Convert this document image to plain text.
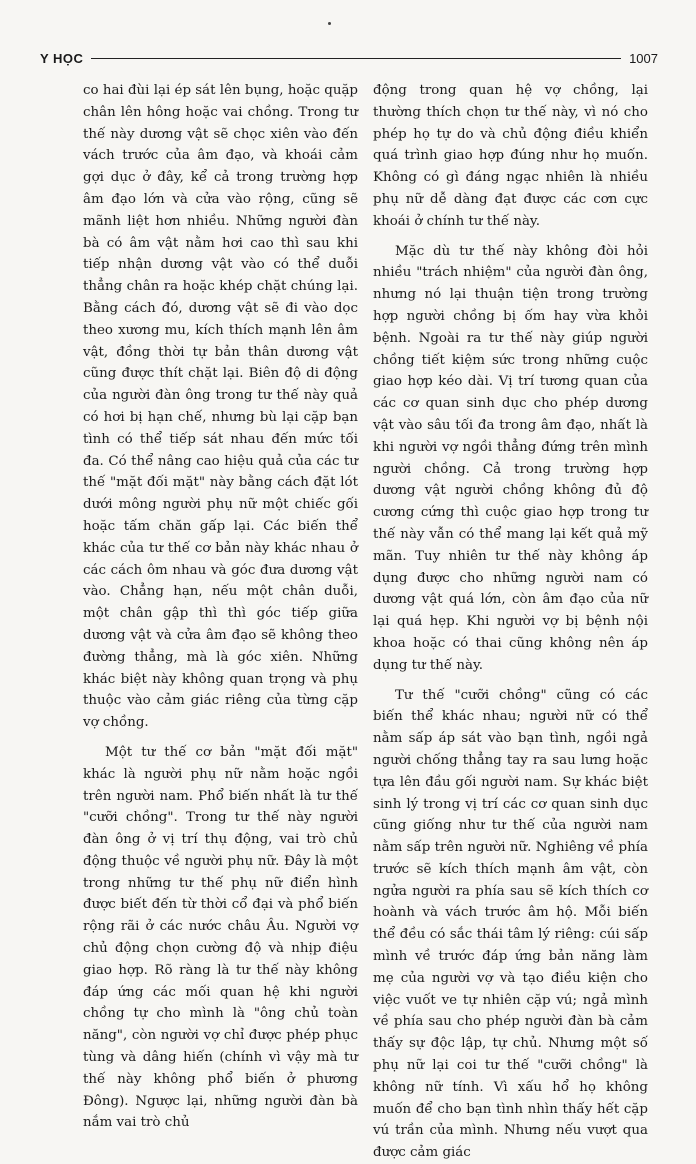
Y HỌC	1007

co hai đùi lại ép sát lên bụng, hoặc quặp chân lên hông hoặc vai chồng. Trong tư thế này dương vật sẽ chọc xiên vào đến vách trước của âm đạo, và khoái cảm gợi dục ở đây, kể cả trong trường hợp âm đạo lớn và cửa vào rộng, cũng sẽ mãnh liệt hơn nhiều. Những người đàn bà có âm vật nằm hơi cao thì sau khi tiếp nhận dương vật vào có thể duỗi thẳng chân ra hoặc khép chặt chúng lại. Bằng cách đó, dương vật sẽ đi vào dọc theo xương mu, kích thích mạnh lên âm vật, đồng thời tự bản thân dương vật cũng được thít chặt lại. Biên độ di động của người đàn ông trong tư thế này quả có hơi bị hạn chế, nhưng bù lại cặp bạn tình có thể tiếp sát nhau đến mức tối đa. Có thể nâng cao hiệu quả của các tư thế "mặt đối mặt" này bằng cách đặt lót dưới mông người phụ nữ một chiếc gối hoặc tấm chăn gấp lại. Các biến thể khác của tư thế cơ bản này khác nhau ở các cách ôm nhau và góc đưa dương vật vào. Chẳng hạn, nếu một chân duỗi, một chân gập thì thì góc tiếp giữa dương vật và cửa âm đạo sẽ không theo đường thẳng, mà là góc xiên. Những khác biệt này không quan trọng và phụ thuộc vào cảm giác riêng của từng cặp vợ chồng.

Một tư thế cơ bản "mặt đối mặt" khác là người phụ nữ nằm hoặc ngồi trên người nam. Phổ biến nhất là tư thế "cưỡi chồng". Trong tư thế này người đàn ông ở vị trí thụ động, vai trò chủ động thuộc về người phụ nữ. Đây là một trong những tư thế phụ nữ điển hình được biết đến từ thời cổ đại và phổ biến rộng rãi ở các nước châu Âu. Người vợ chủ động chọn cường độ và nhịp điệu giao hợp. Rõ ràng là tư thế này không đáp ứng các mối quan hệ khi người chồng tự cho mình là "ông chủ toàn năng", còn người vợ chỉ được phép phục tùng và dâng hiến (chính vì vậy mà tư thế này không phổ biến ở phương Đông). Ngược lại, những người đàn bà nắm vai trò chủ

động trong quan hệ vợ chồng, lại thường thích chọn tư thế này, vì nó cho phép họ tự do và chủ động điều khiển quá trình giao hợp đúng như họ muốn. Không có gì đáng ngạc nhiên là nhiều phụ nữ dễ dàng đạt được các cơn cực khoái ở chính tư thế này.

Mặc dù tư thế này không đòi hỏi nhiều "trách nhiệm" của người đàn ông, nhưng nó lại thuận tiện trong trường hợp người chồng bị ốm hay vừa khỏi bệnh. Ngoài ra tư thế này giúp người chồng tiết kiệm sức trong những cuộc giao hợp kéo dài. Vị trí tương quan của các cơ quan sinh dục cho phép dương vật vào sâu tối đa trong âm đạo, nhất là khi người vợ ngồi thẳng đứng trên mình người chồng. Cả trong trường hợp dương vật người chồng không đủ độ cương cứng thì cuộc giao hợp trong tư thế này vẫn có thể mang lại kết quả mỹ mãn. Tuy nhiên tư thế này không áp dụng được cho những người nam có dương vật quá lớn, còn âm đạo của nữ lại quá hẹp. Khi người vợ bị bệnh nội khoa hoặc có thai cũng không nên áp dụng tư thế này.

Tư thế "cưỡi chồng" cũng có các biến thể khác nhau; người nữ có thể nằm sấp áp sát vào bạn tình, ngồi ngả người chống thẳng tay ra sau lưng hoặc tựa lên đầu gối người nam. Sự khác biệt sinh lý trong vị trí các cơ quan sinh dục cũng giống như tư thế của người nam nằm sấp trên người nữ. Nghiêng về phía trước sẽ kích thích mạnh âm vật, còn ngửa người ra phía sau sẽ kích thích cơ hoành và vách trước âm hộ. Mỗi biến thể đều có sắc thái tâm lý riêng: cúi sấp mình về trước đáp ứng bản năng làm mẹ của người vợ và tạo điều kiện cho việc vuốt ve tự nhiên cặp vú; ngả mình về phía sau cho phép người đàn bà cảm thấy sự độc lập, tự chủ. Nhưng một số phụ nữ lại coi tư thế "cưỡi chồng" là không nữ tính. Vì xấu hổ họ không muốn để cho bạn tình nhìn thấy hết cặp vú trần của mình. Nhưng nếu vượt qua được cảm giác
